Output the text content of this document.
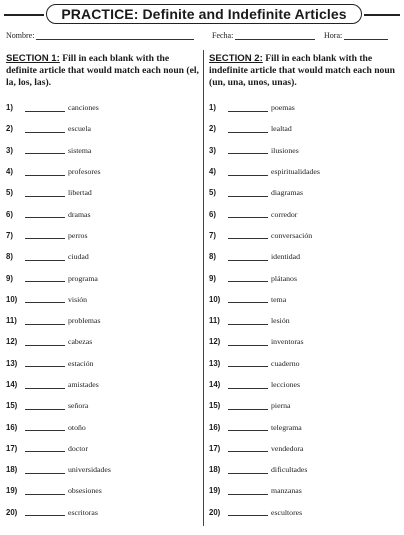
PRACTICE: Definite and Indefinite Articles
Nombre:	Fecha:	Hora:
SECTION 1: Fill in each blank with the definite article that would match each noun (el, la, los, las).
1)	canciones
2)	escuela
3)	sistema
4)	profesores
5)	libertad
6)	dramas
7)	perros
8)	ciudad
9)	programa
10)	visión
11)	problemas
12)	cabezas
13)	estación
14)	amistades
15)	señora
16)	otoño
17)	doctor
18)	universidades
19)	obsesiones
20)	escritoras
SECTION 2: Fill in each blank with the indefinite article that would match each noun (un, una, unos, unas).
1)	poemas
2)	lealtad
3)	ilusiones
4)	espiritualidades
5)	diagramas
6)	corredor
7)	conversación
8)	identidad
9)	plátanos
10)	tema
11)	lesión
12)	inventoras
13)	cuaderno
14)	lecciones
15)	pierna
16)	telegrama
17)	vendedora
18)	dificultades
19)	manzanas
20)	escultores
